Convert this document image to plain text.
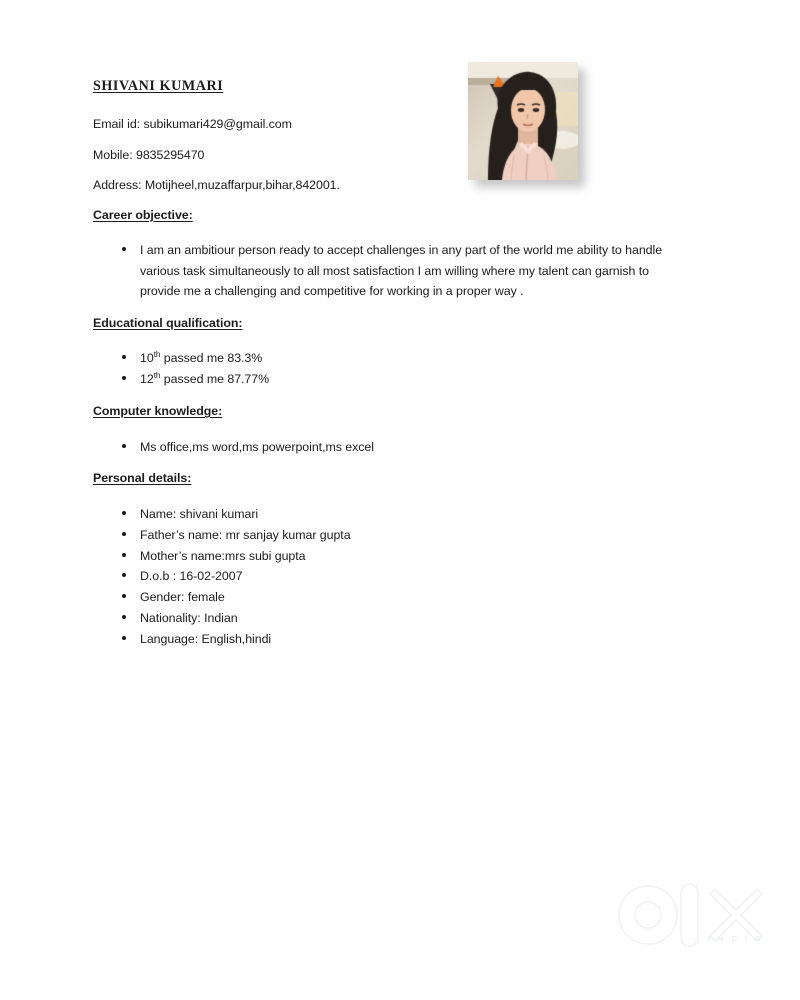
SHIVANI KUMARI
Email id: subikumari429@gmail.com
Mobile: 9835295470
Address: Motijheel,muzaffarpur,bihar,842001.
Career objective:
I am an ambitiour person ready to accept challenges in any part of the world me ability to handle various task simultaneously to all most satisfaction I am willing where my talent can garnish to provide me a challenging and competitive for working in a proper way .
Educational qualification:
10th passed me 83.3%
12th passed me 87.77%
Computer knowledge:
Ms office,ms word,ms powerpoint,ms excel
Personal details:
Name: shivani kumari
Father’s name: mr sanjay kumar gupta
Mother’s name:mrs subi gupta
D.o.b : 16-02-2007
Gender: female
Nationality: Indian
Language: English,hindi
I N D I A
